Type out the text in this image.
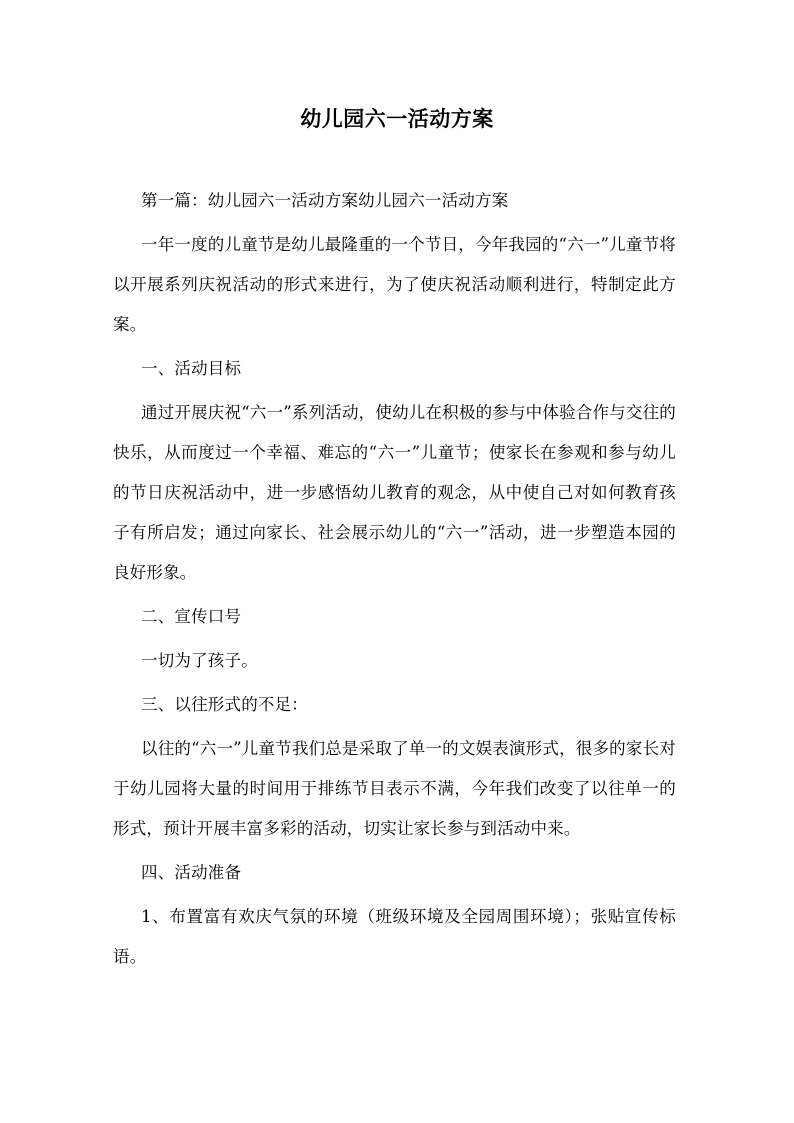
幼儿园六一活动方案

第一篇：幼儿园六一活动方案幼儿园六一活动方案

一年一度的儿童节是幼儿最隆重的一个节日，今年我园的“六一”儿童节将以开展系列庆祝活动的形式来进行，为了使庆祝活动顺利进行，特制定此方案。

一、活动目标

通过开展庆祝“六一”系列活动，使幼儿在积极的参与中体验合作与交往的快乐，从而度过一个幸福、难忘的“六一”儿童节；使家长在参观和参与幼儿的节日庆祝活动中，进一步感悟幼儿教育的观念，从中使自己对如何教育孩子有所启发；通过向家长、社会展示幼儿的“六一”活动，进一步塑造本园的良好形象。

二、宣传口号

一切为了孩子。

三、以往形式的不足：

以往的“六一”儿童节我们总是采取了单一的文娱表演形式，很多的家长对于幼儿园将大量的时间用于排练节目表示不满，今年我们改变了以往单一的形式，预计开展丰富多彩的活动，切实让家长参与到活动中来。

四、活动准备

1、布置富有欢庆气氛的环境（班级环境及全园周围环境）；张贴宣传标语。
